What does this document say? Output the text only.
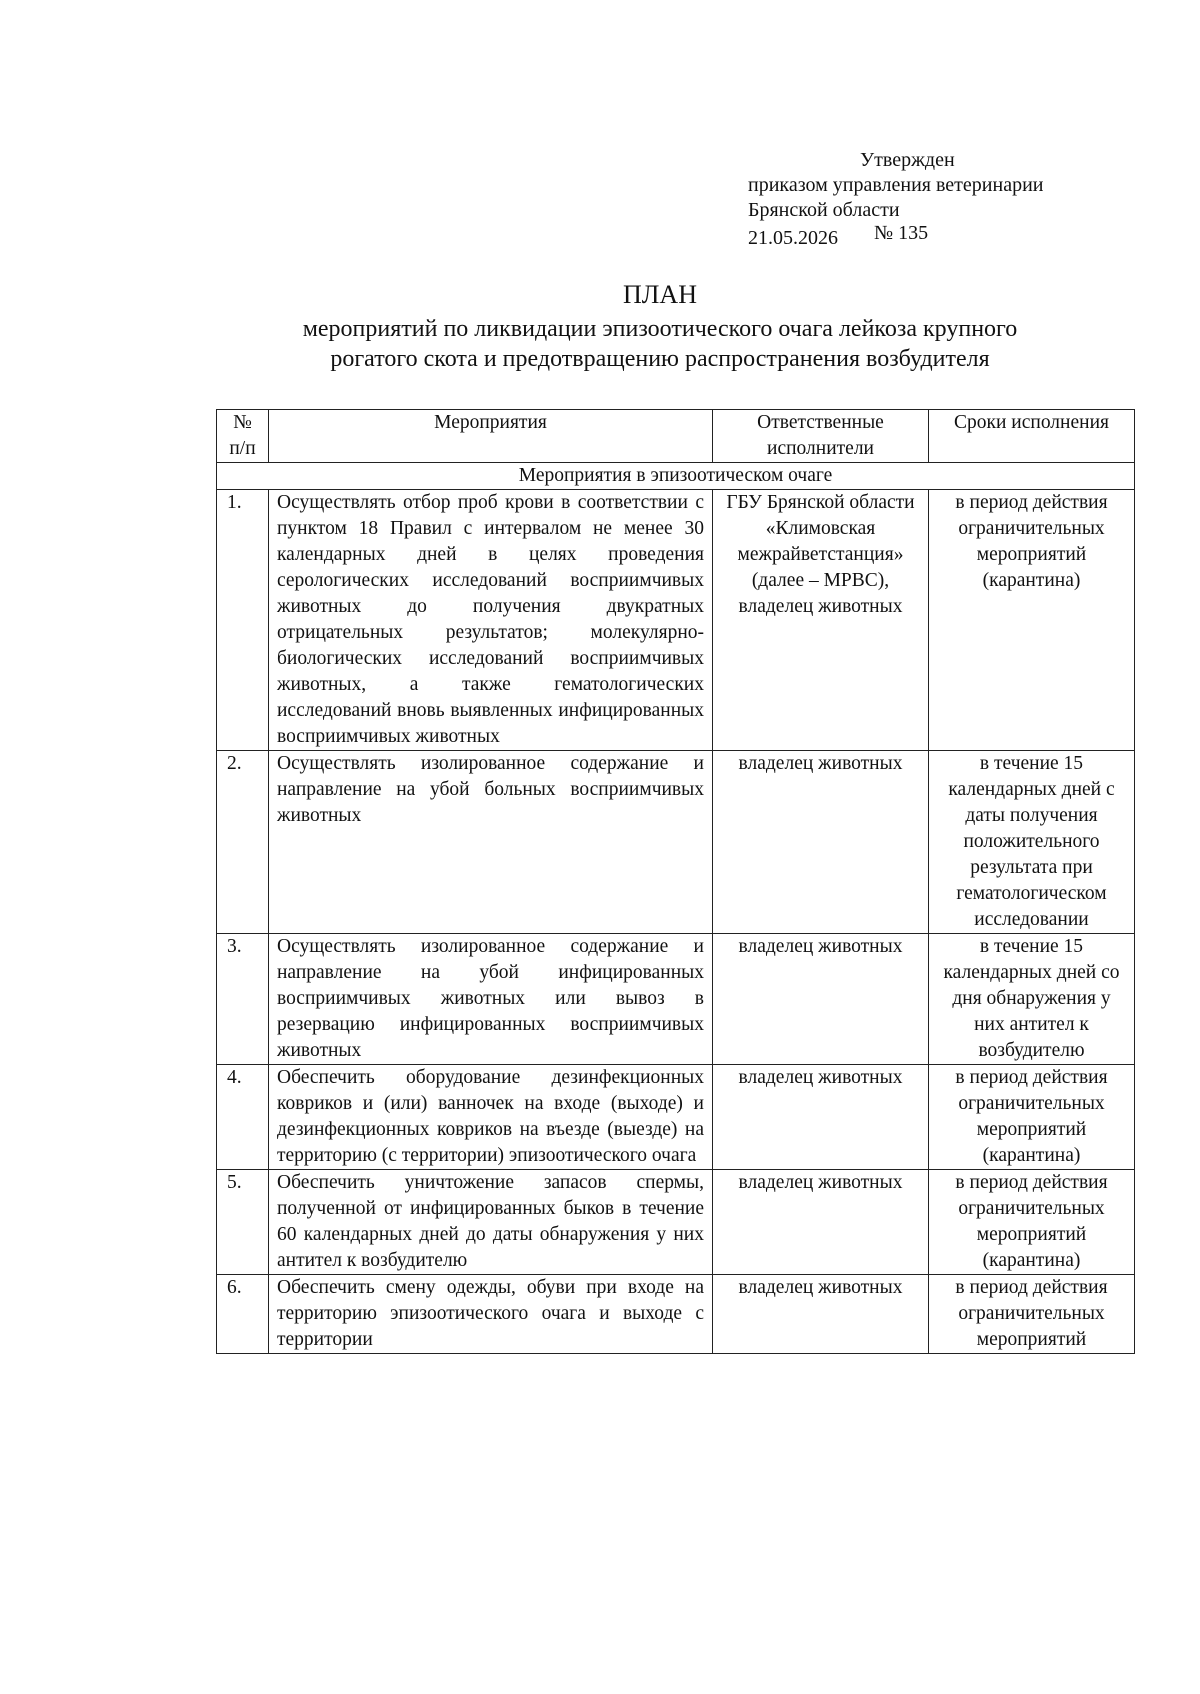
Утвержден
приказом управления ветеринарии
Брянской области
21.05.2026 № 135
ПЛАН
мероприятий по ликвидации эпизоотического очага лейкоза крупного
рогатого скота и предотвращению распространения возбудителя
№ п/п	Мероприятия	Ответственные исполнители	Сроки исполнения
Мероприятия в эпизоотическом очаге			
1.	Осуществлять отбор проб крови в соответствии с пунктом 18 Правил с интервалом не менее 30 календарных дней в целях проведения серологических исследований восприимчивых животных до получения двукратных отрицательных результатов; молекулярно-биологических исследований восприимчивых животных, а также гематологических исследований вновь выявленных инфицированных восприимчивых животных	ГБУ Брянской области «Климовская межрайветстанция» (далее – МРВС), владелец животных	в период действия ограничительных мероприятий (карантина)
2.	Осуществлять изолированное содержание и направление на убой больных восприимчивых животных	владелец животных	в течение 15 календарных дней с даты получения положительного результата при гематологическом исследовании
3.	Осуществлять изолированное содержание и направление на убой инфицированных восприимчивых животных или вывоз в резервацию инфицированных восприимчивых животных	владелец животных	в течение 15 календарных дней со дня обнаружения у них антител к возбудителю
4.	Обеспечить оборудование дезинфекционных ковриков и (или) ванночек на входе (выходе) и дезинфекционных ковриков на въезде (выезде) на территорию (с территории) эпизоотического очага	владелец животных	в период действия ограничительных мероприятий (карантина)
5.	Обеспечить уничтожение запасов спермы, полученной от инфицированных быков в течение 60 календарных дней до даты обнаружения у них антител к возбудителю	владелец животных	в период действия ограничительных мероприятий (карантина)
6.	Обеспечить смену одежды, обуви при входе на территорию эпизоотического очага и выходе с территории	владелец животных	в период действия ограничительных мероприятий
